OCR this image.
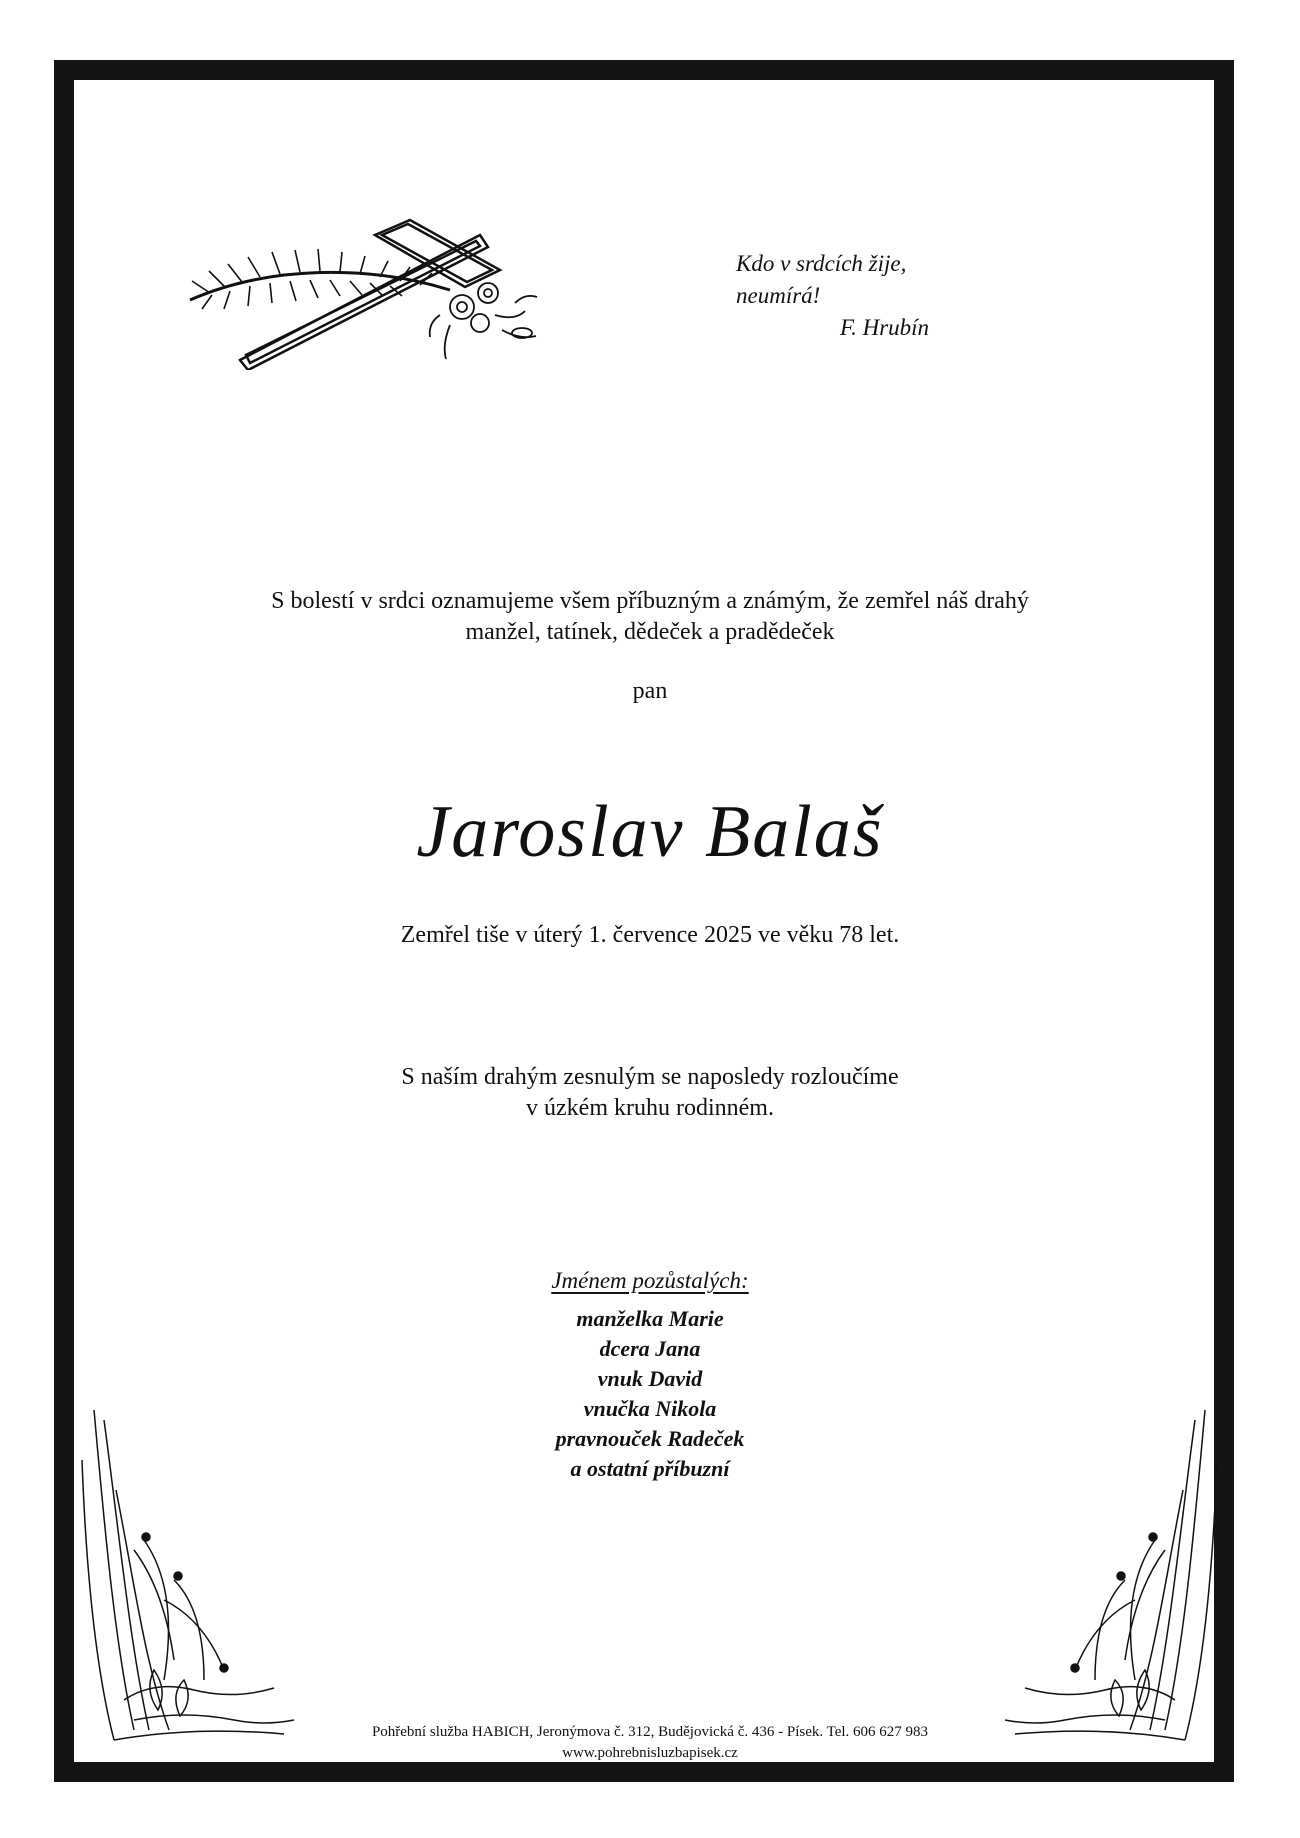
Kdo v srdcích žije,
neumírá!
F. Hrubín
S bolestí v srdci oznamujeme všem příbuzným a známým, že zemřel náš drahý
manžel, tatínek, dědeček a pradědeček
pan
Jaroslav Balaš
Zemřel tiše v úterý 1. července 2025 ve věku 78 let.
S naším drahým zesnulým se naposledy rozloučíme
v úzkém kruhu rodinném.
Jménem pozůstalých:
manželka Marie
dcera Jana
vnuk David
vnučka Nikola
pravnouček Radeček
a ostatní příbuzní
Pohřební služba HABICH, Jeronýmova č. 312, Budějovická č. 436 - Písek. Tel. 606 627 983
www.pohrebnisluzbapisek.cz
